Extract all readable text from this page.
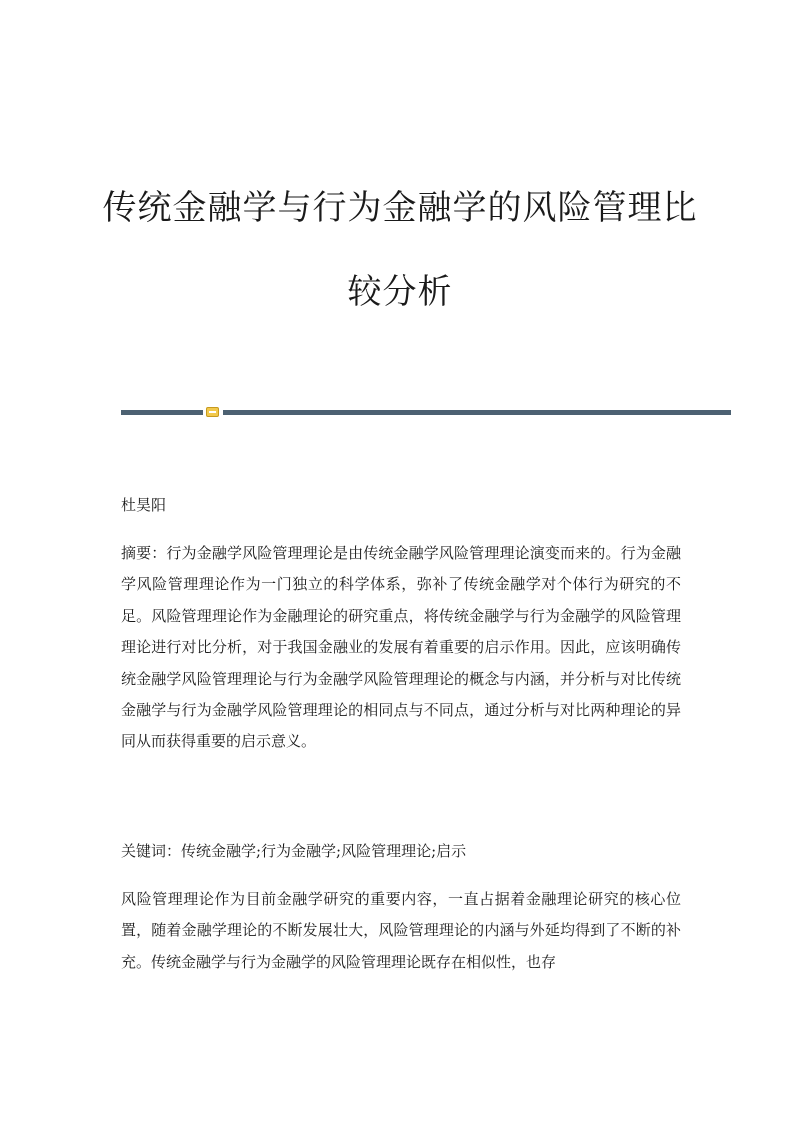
传统金融学与行为金融学的风险管理比
较分析

杜昊阳

摘要：行为金融学风险管理理论是由传统金融学风险管理理论演变而来的。行为金融学风险管理理论作为一门独立的科学体系，弥补了传统金融学对个体行为研究的不足。风险管理理论作为金融理论的研究重点，将传统金融学与行为金融学的风险管理理论进行对比分析，对于我国金融业的发展有着重要的启示作用。因此，应该明确传统金融学风险管理理论与行为金融学风险管理理论的概念与内涵，并分析与对比传统金融学与行为金融学风险管理理论的相同点与不同点，通过分析与对比两种理论的异同从而获得重要的启示意义。

关键词：传统金融学;行为金融学;风险管理理论;启示

风险管理理论作为目前金融学研究的重要内容，一直占据着金融理论研究的核心位置，随着金融学理论的不断发展壮大，风险管理理论的内涵与外延均得到了不断的补充。传统金融学与行为金融学的风险管理理论既存在相似性，也存
